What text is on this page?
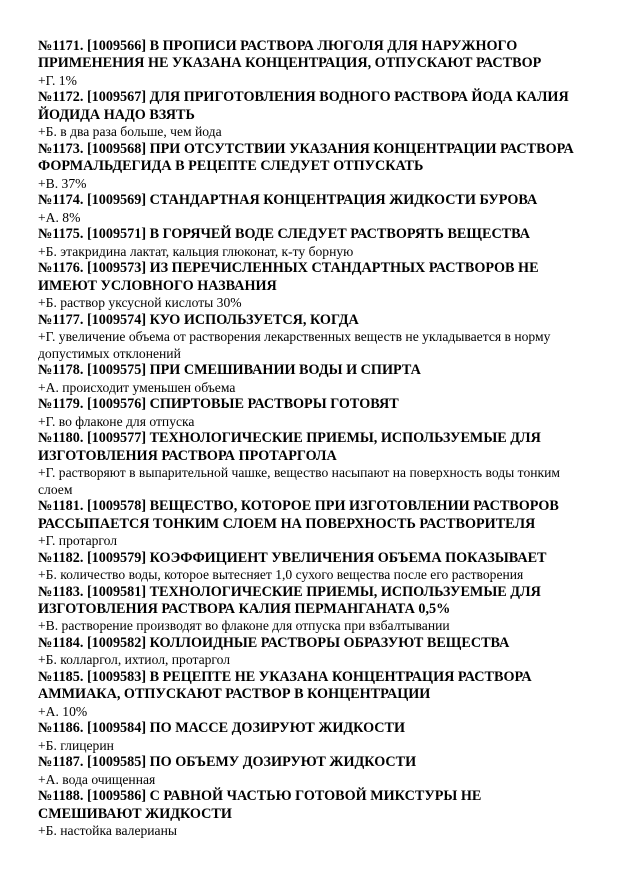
№1171. [1009566] В ПРОПИСИ РАСТВОРА ЛЮГОЛЯ ДЛЯ НАРУЖНОГО ПРИМЕНЕНИЯ НЕ УКАЗАНА КОНЦЕНТРАЦИЯ, ОТПУСКАЮТ РАСТВОР

+Г. 1%

№1172. [1009567] ДЛЯ ПРИГОТОВЛЕНИЯ ВОДНОГО РАСТВОРА ЙОДА КАЛИЯ ЙОДИДА НАДО ВЗЯТЬ

+Б. в два раза больше, чем йода

№1173. [1009568] ПРИ ОТСУТСТВИИ УКАЗАНИЯ КОНЦЕНТРАЦИИ РАСТВОРА ФОРМАЛЬДЕГИДА В РЕЦЕПТЕ СЛЕДУЕТ ОТПУСКАТЬ

+В. 37%

№1174. [1009569] СТАНДАРТНАЯ КОНЦЕНТРАЦИЯ ЖИДКОСТИ БУРОВА

+А. 8%

№1175. [1009571] В ГОРЯЧЕЙ ВОДЕ СЛЕДУЕТ РАСТВОРЯТЬ ВЕЩЕСТВА

+Б. этакридина лактат, кальция глюконат, к-ту борную

№1176. [1009573] ИЗ ПЕРЕЧИСЛЕННЫХ СТАНДАРТНЫХ РАСТВОРОВ НЕ ИМЕЮТ УСЛОВНОГО НАЗВАНИЯ

+Б. раствор уксусной кислоты 30%

№1177. [1009574] КУО ИСПОЛЬЗУЕТСЯ, КОГДА

+Г. увеличение объема от растворения лекарственных веществ не укладывается в норму допустимых отклонений

№1178. [1009575] ПРИ СМЕШИВАНИИ ВОДЫ И СПИРТА

+А. происходит уменьшен объема

№1179. [1009576] СПИРТОВЫЕ РАСТВОРЫ ГОТОВЯТ

+Г. во флаконе для отпуска

№1180. [1009577] ТЕХНОЛОГИЧЕСКИЕ ПРИЕМЫ, ИСПОЛЬЗУЕМЫЕ ДЛЯ ИЗГОТОВЛЕНИЯ РАСТВОРА ПРОТАРГОЛА

+Г. растворяют в выпарительной чашке, вещество насыпают на поверхность воды тонким слоем

№1181. [1009578] ВЕЩЕСТВО, КОТОРОЕ ПРИ ИЗГОТОВЛЕНИИ РАСТВОРОВ РАССЫПАЕТСЯ ТОНКИМ СЛОЕМ НА ПОВЕРХНОСТЬ РАСТВОРИТЕЛЯ

+Г. протаргол

№1182. [1009579] КОЭФФИЦИЕНТ УВЕЛИЧЕНИЯ ОБЪЕМА ПОКАЗЫВАЕТ

+Б. количество воды, которое вытесняет 1,0 сухого вещества после его растворения

№1183. [1009581] ТЕХНОЛОГИЧЕСКИЕ ПРИЕМЫ, ИСПОЛЬЗУЕМЫЕ ДЛЯ ИЗГОТОВЛЕНИЯ РАСТВОРА КАЛИЯ ПЕРМАНГАНАТА 0,5%

+В. растворение производят во флаконе для отпуска при взбалтывании

№1184. [1009582] КОЛЛОИДНЫЕ РАСТВОРЫ ОБРАЗУЮТ ВЕЩЕСТВА

+Б. колларгол, ихтиол, протаргол

№1185. [1009583] В РЕЦЕПТЕ НЕ УКАЗАНА КОНЦЕНТРАЦИЯ РАСТВОРА АММИАКА, ОТПУСКАЮТ РАСТВОР В КОНЦЕНТРАЦИИ

+А. 10%

№1186. [1009584] ПО МАССЕ ДОЗИРУЮТ ЖИДКОСТИ

+Б. глицерин

№1187. [1009585] ПО ОБЪЕМУ ДОЗИРУЮТ ЖИДКОСТИ

+А. вода очищенная

№1188. [1009586] С РАВНОЙ ЧАСТЬЮ ГОТОВОЙ МИКСТУРЫ НЕ СМЕШИВАЮТ ЖИДКОСТИ

+Б. настойка валерианы
